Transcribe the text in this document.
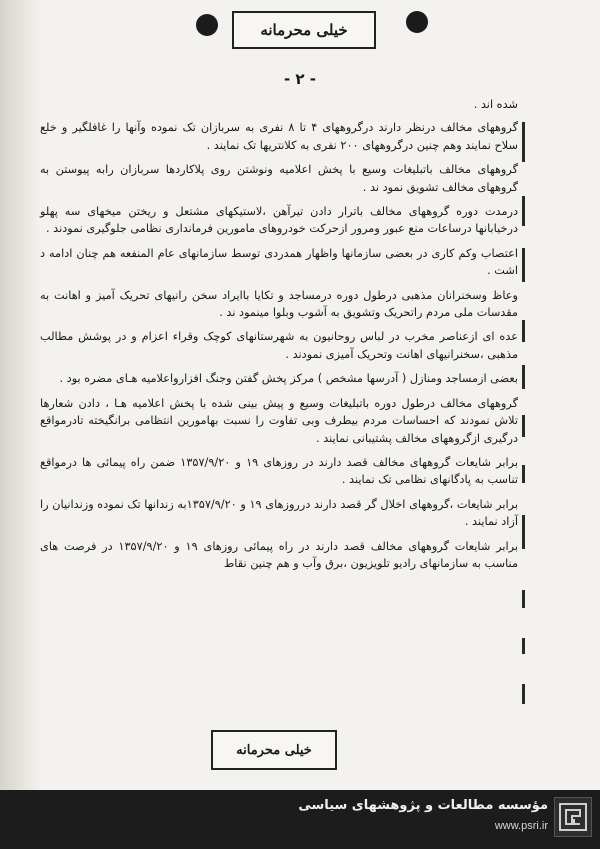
خیلی محرمانه
- ۲ -
شده اند .

گروههای مخالف درنظر دارند درگروههای ۴ تا ۸ نفری به سربازان تک نموده وآنها را غافلگیر و خلع سلاح نمایند وهم چنین درگروههای ۲۰۰ نفری به کلانتریها تک نمایند .

گروههای مخالف باتبلیغات وسیع با پخش اعلامیه ونوشتن روی پلاکاردها سربازان رابه پیوستن به گروههای مخالف تشویق نمود ند .

درمدت دوره گروههای مخالف باترار دادن تیرآهن ،لاستیکهای مشتعل و ریختن میخهای سه پهلو درخیابانها درساعات منع عبور ومرور ازحرکت خودروهای مامورین فرمانداری نظامی جلوگیری نمودند .

اعتصاب وکم کاری در بعضی سازمانها واظهار همدردی توسط سازمانهای عام المنفعه هم چنان ادامه د اشت .

وعاظ وسخنرانان مذهبی درطول دوره درمساجد و تکایا باایراد سخن رانیهای تحریک آمیز و اهانت به مقدسات ملی مردم راتحریک وتشویق به آشوب وبلوا مینمود ند .

عده ای ازعناصر مخرب در لباس روحانیون به شهرستانهای کوچک وقراء اعزام و در پوشش مطالب مذهبی ،سخنرانیهای اهانت وتحریک آمیزی نمودند .

بعضی ازمساجد ومنازل ( آدرسها مشخص ) مرکز پخش گفتن وجنگ افزارواعلامیه هـای مضره بود .

گروههای مخالف درطول دوره باتبلیغات وسیع و پیش بینی شده با پخش اعلامیه هـا ، دادن شعارها تلاش نمودند که احساسات مردم بیطرف وبی تفاوت را نسبت بهامورین انتظامی برانگیخته تادرمواقع درگیری ازگروههای مخالف پشتیبانی نمایند .

برابر شایعات گروههای مخالف قصد دارند در روزهای ۱۹ و ۱۳۵۷/۹/۲۰ ضمن راه پیمائی ها درمواقع تناسب به پادگانهای نظامی تک نمایند .

برابر شایعات ،گروههای اخلال گر قصد دارند درروزهای ۱۹ و ۱۳۵۷/۹/۲۰به زندانها تک نموده وزندانیان را آزاد نمایند .

برابر شایعات گروههای مخالف قصد دارند در راه پیمائی روزهای ۱۹ و ۱۳۵۷/۹/۲۰ در فرصت های مناسب به سازمانهای رادیو تلویزیون ،برق وآب و هم چنین نقاط

خیلی محرمانه
مؤسسه مطالعات و پژوهشهای سیاسی
www.psri.ir
